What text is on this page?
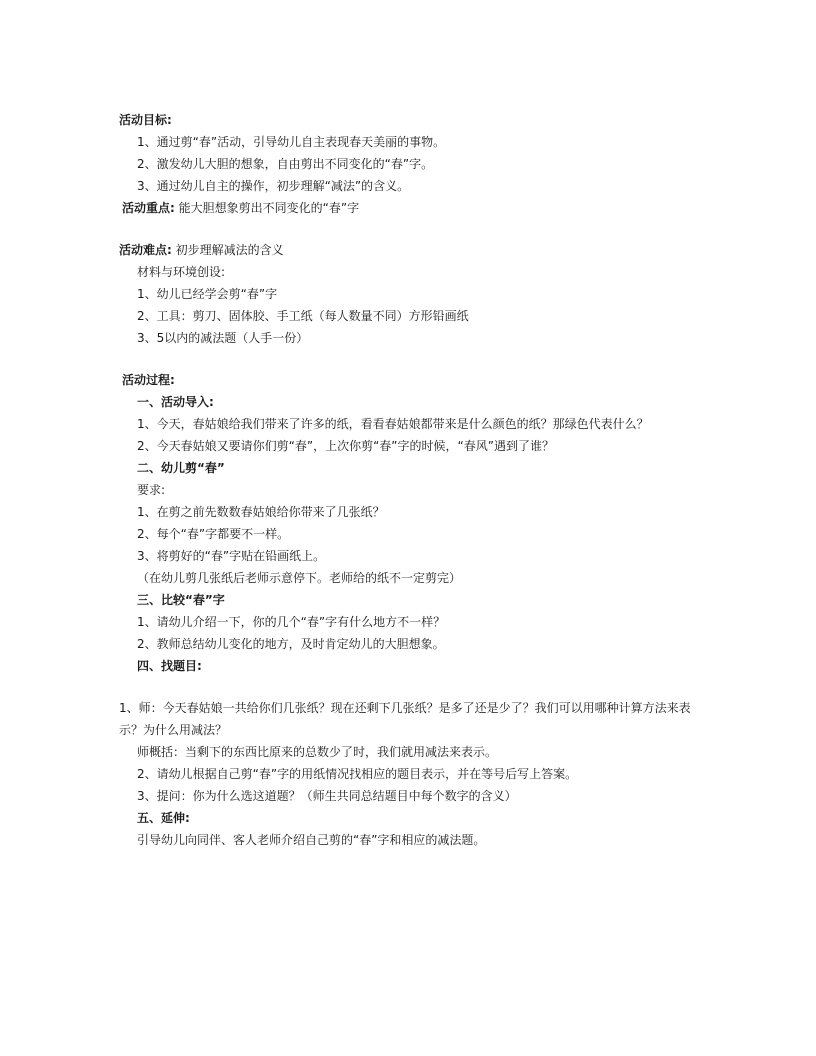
活动目标:
1、通过剪“春”活动，引导幼儿自主表现春天美丽的事物。
2、激发幼儿大胆的想象，自由剪出不同变化的“春”字。
3、通过幼儿自主的操作，初步理解“减法”的含义。
活动重点: 能大胆想象剪出不同变化的“春”字
活动难点: 初步理解减法的含义
材料与环境创设:
1、幼儿已经学会剪“春”字
2、工具：剪刀、固体胶、手工纸（每人数量不同）方形铅画纸
3、5以内的减法题（人手一份）
活动过程:
一、活动导入:
1、今天，春姑娘给我们带来了许多的纸，看看春姑娘都带来是什么颜色的纸？那绿色代表什么？
2、今天春姑娘又要请你们剪“春”，上次你剪“春”字的时候，“春风”遇到了谁？
二、幼儿剪“春”
要求:
1、在剪之前先数数春姑娘给你带来了几张纸？
2、每个“春”字都要不一样。
3、将剪好的“春”字贴在铅画纸上。
（在幼儿剪几张纸后老师示意停下。老师给的纸不一定剪完）
三、比较“春”字
1、请幼儿介绍一下，你的几个“春”字有什么地方不一样？
2、教师总结幼儿变化的地方，及时肯定幼儿的大胆想象。
四、找题目:
1、师：今天春姑娘一共给你们几张纸？现在还剩下几张纸？是多了还是少了？我们可以用哪种计算方法来表
示？为什么用减法？
师概括：当剩下的东西比原来的总数少了时，我们就用减法来表示。
2、请幼儿根据自己剪“春”字的用纸情况找相应的题目表示，并在等号后写上答案。
3、提问：你为什么选这道题？（师生共同总结题目中每个数字的含义）
五、延伸:
引导幼儿向同伴、客人老师介绍自己剪的“春”字和相应的减法题。
